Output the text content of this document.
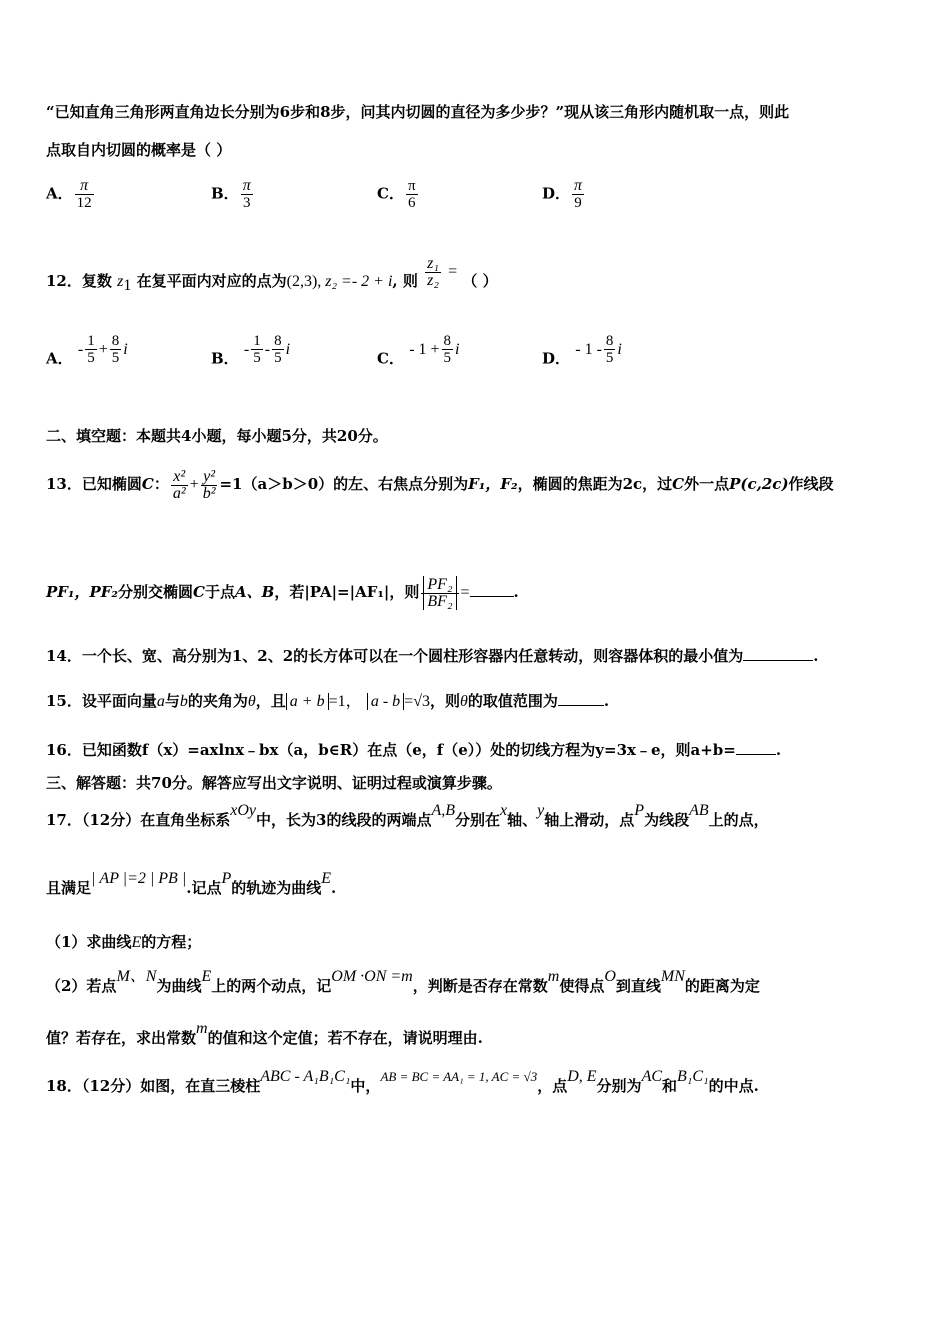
“已知直角三角形两直角边长分别为6步和8步，问其内切圆的直径为多少步？”现从该三角形内随机取一点，则此
点取自内切圆的概率是（ ）
A． $\frac{\pi}{12}$	B． $\frac{\pi}{3}$	C． $\frac{\pi}{6}$	D． $\frac{\pi}{9}$
12．复数 $z_1$ 在复平面内对应的点为(2,3), z₂ =- 2 + i, 则 $\frac{\text{z₁}}{\text{z₂}}$ = （ ）
A． - $\frac{1}{5} + \frac{8}{5}$ i
B． - $\frac{1}{5} - \frac{8}{5}$ i
C． - $1 + \frac{8}{5}$ i
D． - $1 - \frac{8}{5}$ i
二、填空题：本题共4小题，每小题5分，共20分。
13．已知椭圆C： $\frac{\text{x²}}{\text{a²}} + \frac{\text{y²}}{\text{b²}} =1(a>b>0)$的左、右焦点分别为F₁，F₂，椭圆的焦距为2c，过C外一点P(c,2c)作线段
PF₁，PF₂分别交椭圆C于点A、B，若|PA|=|AF₁|，则 $\frac{\text{PF₂}}{\text{BF₂}}$ =	.
14．一个长、宽、高分别为1、2、2的长方体可以在一个圆柱形容器内任意转动，则容器体积的最小值为	.
15．设平面向量a与b的夹角为θ，且 a + b =1， a - b =√3，则θ的取值范围为	.
16．已知函数f（x）=axlnx﹣bx（a，b∈R）在点（e，f（e））处的切线方程为y=3x﹣e，则a+b=	.
三、解答题：共70分。解答应写出文字说明、证明过程或演算步骤。
17．（12分）在直角坐标系xOy中，长为3的线段的两端点A,B分别在x轴、y轴上滑动，点P为线段AB上的点，
且满足| AP |=2 | PB |.记点P的轨迹为曲线E.
（1）求曲线E的方程；
（2）若点M、N为曲线E上的两个动点，记OM ·ON =m，判断是否存在常数m使得点O到直线MN的距离为定
值？若存在，求出常数m的值和这个定值；若不存在，请说明理由.
18．（12分）如图，在直三棱柱ABC - A₁B₁C₁中，AB = BC = AA₁ = 1, AC = √3，点D, E分别为AC和B₁C₁的中点.
